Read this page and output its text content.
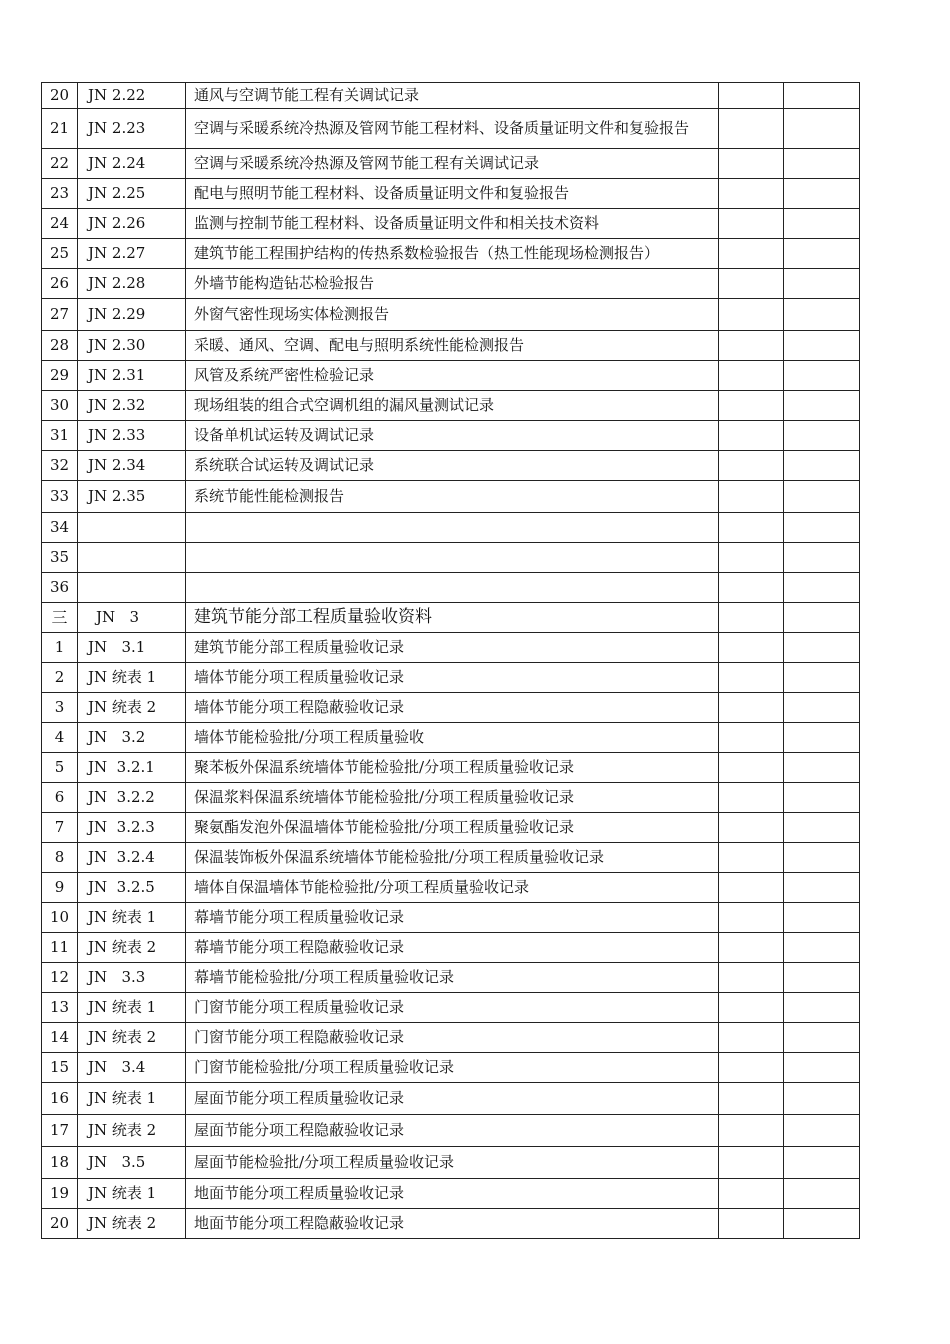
20	JN 2.22	通风与空调节能工程有关调试记录		
21	JN 2.23	空调与采暖系统冷热源及管网节能工程材料、设备质量证明文件和复验报告		
22	JN 2.24	空调与采暖系统冷热源及管网节能工程有关调试记录		
23	JN 2.25	配电与照明节能工程材料、设备质量证明文件和复验报告		
24	JN 2.26	监测与控制节能工程材料、设备质量证明文件和相关技术资料		
25	JN 2.27	建筑节能工程围护结构的传热系数检验报告（热工性能现场检测报告）		
26	JN 2.28	外墙节能构造钻芯检验报告		
27	JN 2.29	外窗气密性现场实体检测报告		
28	JN 2.30	采暖、通风、空调、配电与照明系统性能检测报告		
29	JN 2.31	风管及系统严密性检验记录		
30	JN 2.32	现场组装的组合式空调机组的漏风量测试记录		
31	JN 2.33	设备单机试运转及调试记录		
32	JN 2.34	系统联合试运转及调试记录		
33	JN 2.35	系统节能性能检测报告		
34				
35				
36				
三	JN   3	建筑节能分部工程质量验收资料		
1	JN   3.1	建筑节能分部工程质量验收记录		
2	JN 统表 1	墙体节能分项工程质量验收记录		
3	JN 统表 2	墙体节能分项工程隐蔽验收记录		
4	JN   3.2	墙体节能检验批/分项工程质量验收		
5	JN  3.2.1	聚苯板外保温系统墙体节能检验批/分项工程质量验收记录		
6	JN  3.2.2	保温浆料保温系统墙体节能检验批/分项工程质量验收记录		
7	JN  3.2.3	聚氨酯发泡外保温墙体节能检验批/分项工程质量验收记录		
8	JN  3.2.4	保温装饰板外保温系统墙体节能检验批/分项工程质量验收记录		
9	JN  3.2.5	墙体自保温墙体节能检验批/分项工程质量验收记录		
10	JN 统表 1	幕墙节能分项工程质量验收记录		
11	JN 统表 2	幕墙节能分项工程隐蔽验收记录		
12	JN   3.3	幕墙节能检验批/分项工程质量验收记录		
13	JN 统表 1	门窗节能分项工程质量验收记录		
14	JN 统表 2	门窗节能分项工程隐蔽验收记录		
15	JN   3.4	门窗节能检验批/分项工程质量验收记录		
16	JN 统表 1	屋面节能分项工程质量验收记录		
17	JN 统表 2	屋面节能分项工程隐蔽验收记录		
18	JN   3.5	屋面节能检验批/分项工程质量验收记录		
19	JN 统表 1	地面节能分项工程质量验收记录		
20	JN 统表 2	地面节能分项工程隐蔽验收记录		
